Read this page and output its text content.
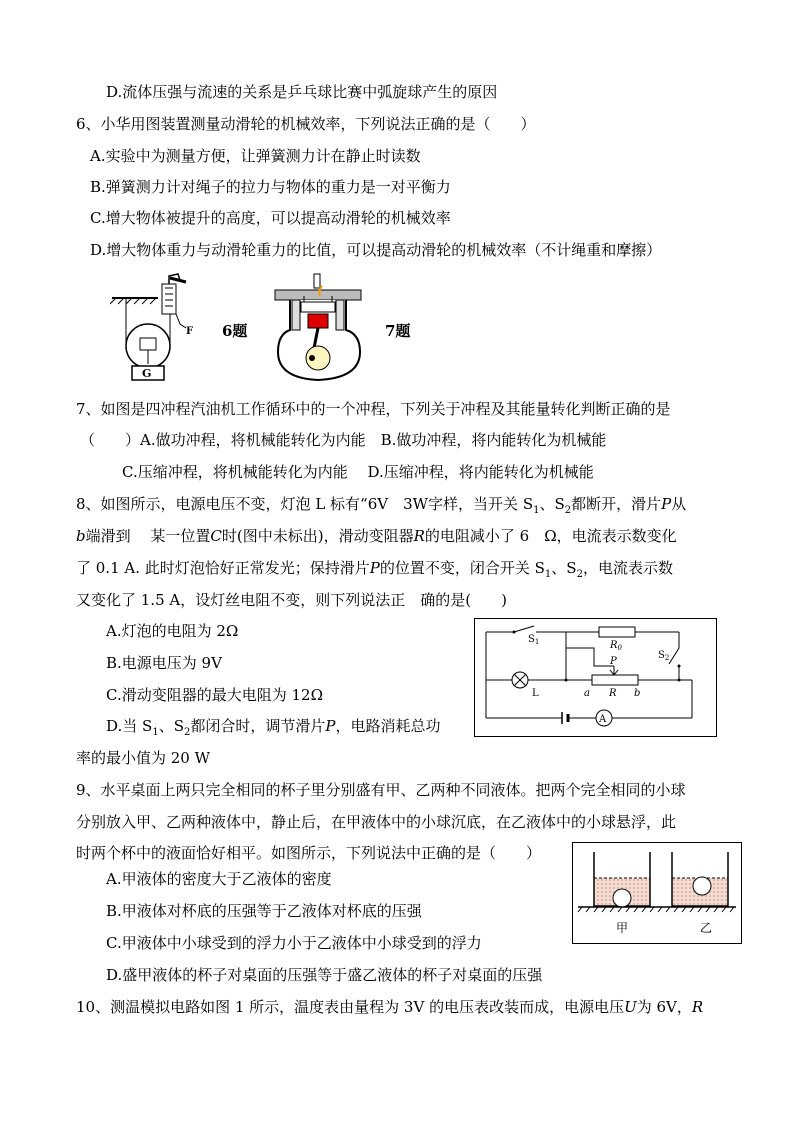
D.流体压强与流速的关系是乒乓球比赛中弧旋球产生的原因
6、小华用图装置测量动滑轮的机械效率，下列说法正确的是（　　）
A.实验中为测量方便，让弹簧测力计在静止时读数
B.弹簧测力计对绳子的拉力与物体的重力是一对平衡力
C.增大物体被提升的高度，可以提高动滑轮的机械效率
D.增大物体重力与动滑轮重力的比值，可以提高动滑轮的机械效率（不计绳重和摩擦）
F
G
6题	7题
7、如图是四冲程汽油机工作循环中的一个冲程，下列关于冲程及其能量转化判断正确的是
（　　）A.做功冲程，将机械能转化为内能　B.做功冲程，将内能转化为机械能
C.压缩冲程，将机械能转化为内能　 D.压缩冲程，将内能转化为机械能
8、如图所示，电源电压不变，灯泡 L 标有“6V　3W字样，当开关 $S_1$、$S_2$都断开，滑片P从
b端滑到　 某一位置C时(图中未标出)，滑动变阻器R的电阻减小了 6　Ω，电流表示数变化
了 0.1 A. 此时灯泡恰好正常发光；保持滑片P的位置不变，闭合开关 $S_1$、$S_2$，电流表示数
又变化了 1.5 A，设灯丝电阻不变，则下列说法正　确的是(　　)
A.灯泡的电阻为 2Ω
B.电源电压为 9V
C.滑动变阻器的最大电阻为 12Ω
D.当 $S_1$、$S_2$都闭合时，调节滑片P，电路消耗总功
率的最小值为 20 W
$S_1$	$R_0$
$S_2$
L
P
a R b
A
9、水平桌面上两只完全相同的杯子里分别盛有甲、乙两种不同液体。把两个完全相同的小球
分别放入甲、乙两种液体中，静止后，在甲液体中的小球沉底，在乙液体中的小球悬浮，此
时两个杯中的液面恰好相平。如图所示，下列说法中正确的是（　　）
A.甲液体的密度大于乙液体的密度
B.甲液体对杯底的压强等于乙液体对杯底的压强
C.甲液体中小球受到的浮力小于乙液体中小球受到的浮力
D.盛甲液体的杯子对桌面的压强等于盛乙液体的杯子对桌面的压强
甲	乙
10、测温模拟电路如图 1 所示，温度表由量程为 3V 的电压表改装而成，电源电压U为 6V，R
